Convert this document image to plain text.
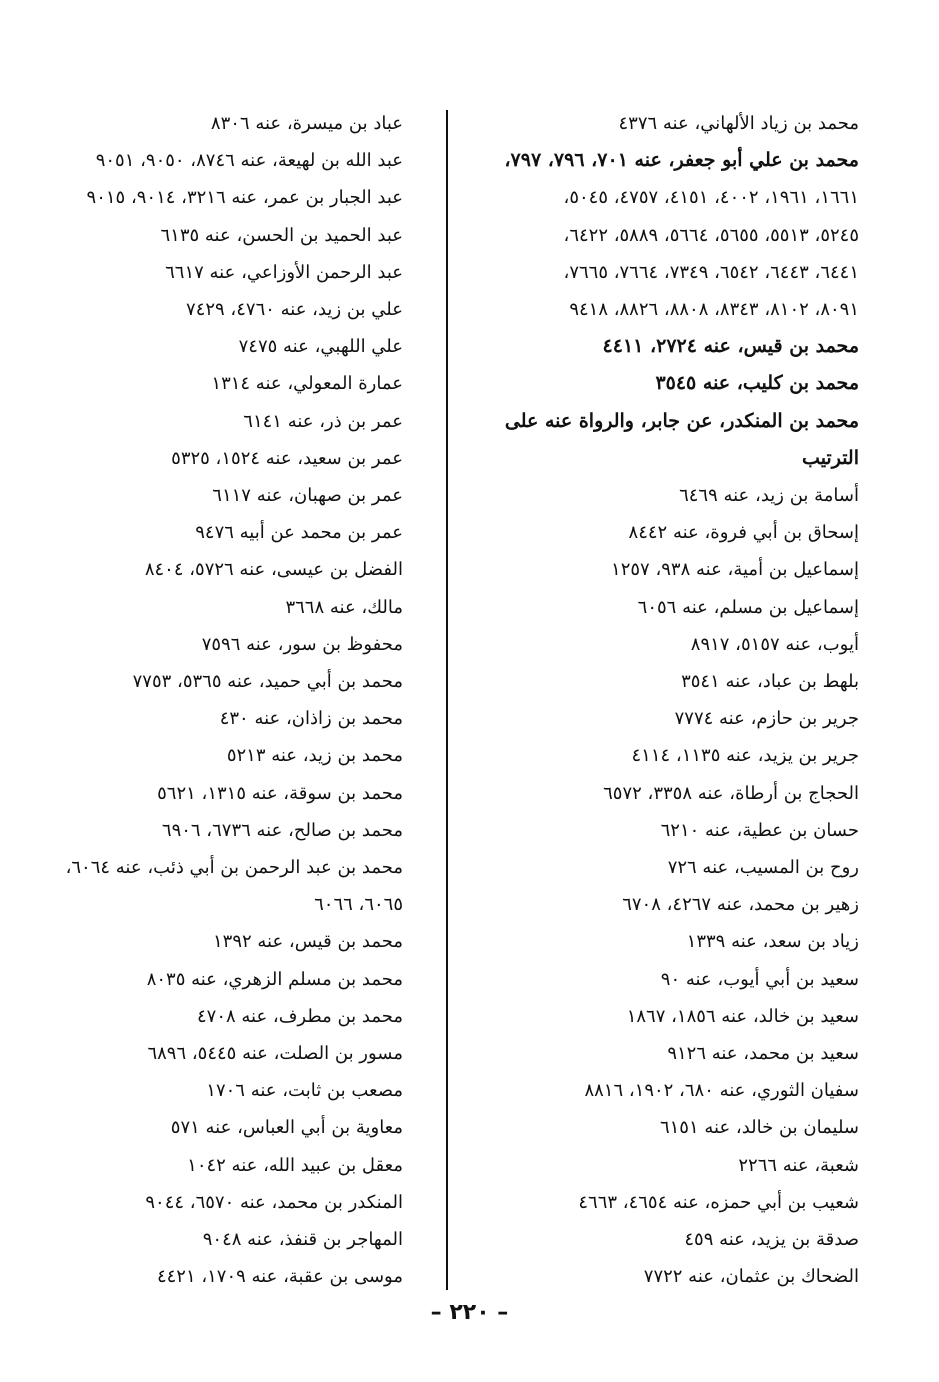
محمد بن زياد الألهاني، عنه ٤٣٧٦
محمد بن علي أبو جعفر، عنه ٧٠١، ٧٩٦، ٧٩٧،
١٦٦١، ١٩٦١، ٤٠٠٢، ٤١٥١، ٤٧٥٧، ٥٠٤٥،
٥٢٤٥، ٥٥١٣، ٥٦٥٥، ٥٦٦٤، ٥٨٨٩، ٦٤٢٢،
٦٤٤١، ٦٤٤٣، ٦٥٤٢، ٧٣٤٩، ٧٦٦٤، ٧٦٦٥،
٨٠٩١، ٨١٠٢، ٨٣٤٣، ٨٨٠٨، ٨٨٢٦، ٩٤١٨
محمد بن قيس، عنه ٢٧٢٤، ٤٤١١
محمد بن كليب، عنه ٣٥٤٥
محمد بن المنكدر، عن جابر، والرواة عنه على الترتيب
أسامة بن زيد، عنه ٦٤٦٩
إسحاق بن أبي فروة، عنه ٨٤٤٢
إسماعيل بن أمية، عنه ٩٣٨، ١٢٥٧
إسماعيل بن مسلم، عنه ٦٠٥٦
أيوب، عنه ٥١٥٧، ٨٩١٧
بلهط بن عباد، عنه ٣٥٤١
جرير بن حازم، عنه ٧٧٧٤
جرير بن يزيد، عنه ١١٣٥، ٤١١٤
الحجاج بن أرطاة، عنه ٣٣٥٨، ٦٥٧٢
حسان بن عطية، عنه ٦٢١٠
روح بن المسيب، عنه ٧٢٦
زهير بن محمد، عنه ٤٢٦٧، ٦٧٠٨
زياد بن سعد، عنه ١٣٣٩
سعيد بن أبي أيوب، عنه ٩٠
سعيد بن خالد، عنه ١٨٥٦، ١٨٦٧
سعيد بن محمد، عنه ٩١٢٦
سفيان الثوري، عنه ٦٨٠، ١٩٠٢، ٨٨١٦
سليمان بن خالد، عنه ٦١٥١
شعبة، عنه ٢٢٦٦
شعيب بن أبي حمزه، عنه ٤٦٥٤، ٤٦٦٣
صدقة بن يزيد، عنه ٤٥٩
الضحاك بن عثمان، عنه ٧٧٢٢
عباد بن ميسرة، عنه ٨٣٠٦
عبد الله بن لهيعة، عنه ٨٧٤٦، ٩٠٥٠، ٩٠٥١
عبد الجبار بن عمر، عنه ٣٢١٦، ٩٠١٤، ٩٠١٥
عبد الحميد بن الحسن، عنه ٦١٣٥
عبد الرحمن الأوزاعي، عنه ٦٦١٧
علي بن زيد، عنه ٤٧٦٠، ٧٤٢٩
علي اللهبي، عنه ٧٤٧٥
عمارة المعولي، عنه ١٣١٤
عمر بن ذر، عنه ٦١٤١
عمر بن سعيد، عنه ١٥٢٤، ٥٣٢٥
عمر بن صهبان، عنه ٦١١٧
عمر بن محمد عن أبيه ٩٤٧٦
الفضل بن عيسى، عنه ٥٧٢٦، ٨٤٠٤
مالك، عنه ٣٦٦٨
محفوظ بن سور، عنه ٧٥٩٦
محمد بن أبي حميد، عنه ٥٣٦٥، ٧٧٥٣
محمد بن زاذان، عنه ٤٣٠
محمد بن زيد، عنه ٥٢١٣
محمد بن سوقة، عنه ١٣١٥، ٥٦٢١
محمد بن صالح، عنه ٦٧٣٦، ٦٩٠٦
محمد بن عبد الرحمن بن أبي ذئب، عنه ٦٠٦٤،
٦٠٦٥، ٦٠٦٦
محمد بن قيس، عنه ١٣٩٢
محمد بن مسلم الزهري، عنه ٨٠٣٥
محمد بن مطرف، عنه ٤٧٠٨
مسور بن الصلت، عنه ٥٤٤٥، ٦٨٩٦
مصعب بن ثابت، عنه ١٧٠٦
معاوية بن أبي العباس، عنه ٥٧١
معقل بن عبيد الله، عنه ١٠٤٢
المنكدر بن محمد، عنه ٦٥٧٠، ٩٠٤٤
المهاجر بن قنفذ، عنه ٩٠٤٨
موسى بن عقبة، عنه ١٧٠٩، ٤٤٢١
– ٢٢٠ –
